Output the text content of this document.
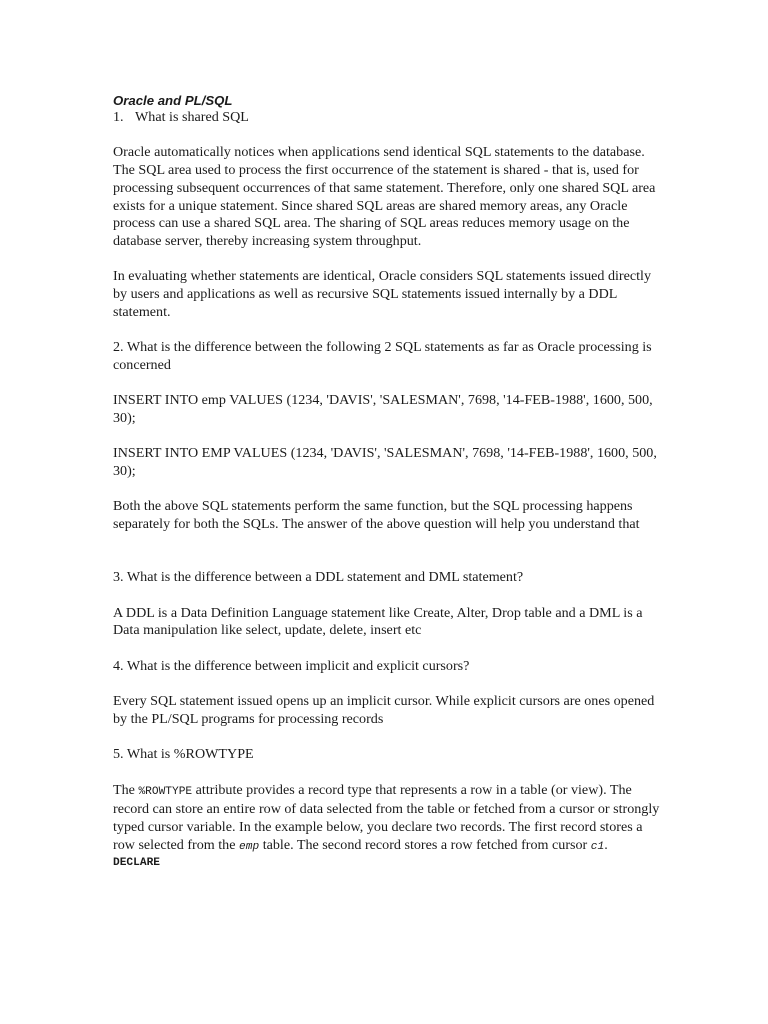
Oracle and PL/SQL

1. What is shared SQL

Oracle automatically notices when applications send identical SQL statements to the database. The SQL area used to process the first occurrence of the statement is shared - that is, used for processing subsequent occurrences of that same statement. Therefore, only one shared SQL area exists for a unique statement. Since shared SQL areas are shared memory areas, any Oracle process can use a shared SQL area. The sharing of SQL areas reduces memory usage on the database server, thereby increasing system throughput.

In evaluating whether statements are identical, Oracle considers SQL statements issued directly by users and applications as well as recursive SQL statements issued internally by a DDL statement.

2. What is the difference between the following 2 SQL statements as far as Oracle processing is concerned

INSERT INTO emp VALUES (1234, 'DAVIS', 'SALESMAN', 7698, '14-FEB-1988', 1600, 500, 30);

INSERT INTO EMP VALUES (1234, 'DAVIS', 'SALESMAN', 7698, '14-FEB-1988', 1600, 500, 30);

Both the above SQL statements perform the same function, but the SQL processing happens separately for both the SQLs. The answer of the above question will help you understand that

3. What is the difference between a DDL statement and DML statement?

A DDL is a Data Definition Language statement like Create, Alter, Drop table and a DML is a Data manipulation like select, update, delete, insert etc

4. What is the difference between implicit and explicit cursors?

Every SQL statement issued opens up an implicit cursor. While explicit cursors are ones opened by the PL/SQL programs for processing records

5. What is %ROWTYPE

The %ROWTYPE attribute provides a record type that represents a row in a table (or view). The record can store an entire row of data selected from the table or fetched from a cursor or strongly typed cursor variable. In the example below, you declare two records. The first record stores a row selected from the emp table. The second record stores a row fetched from cursor c1.

DECLARE
